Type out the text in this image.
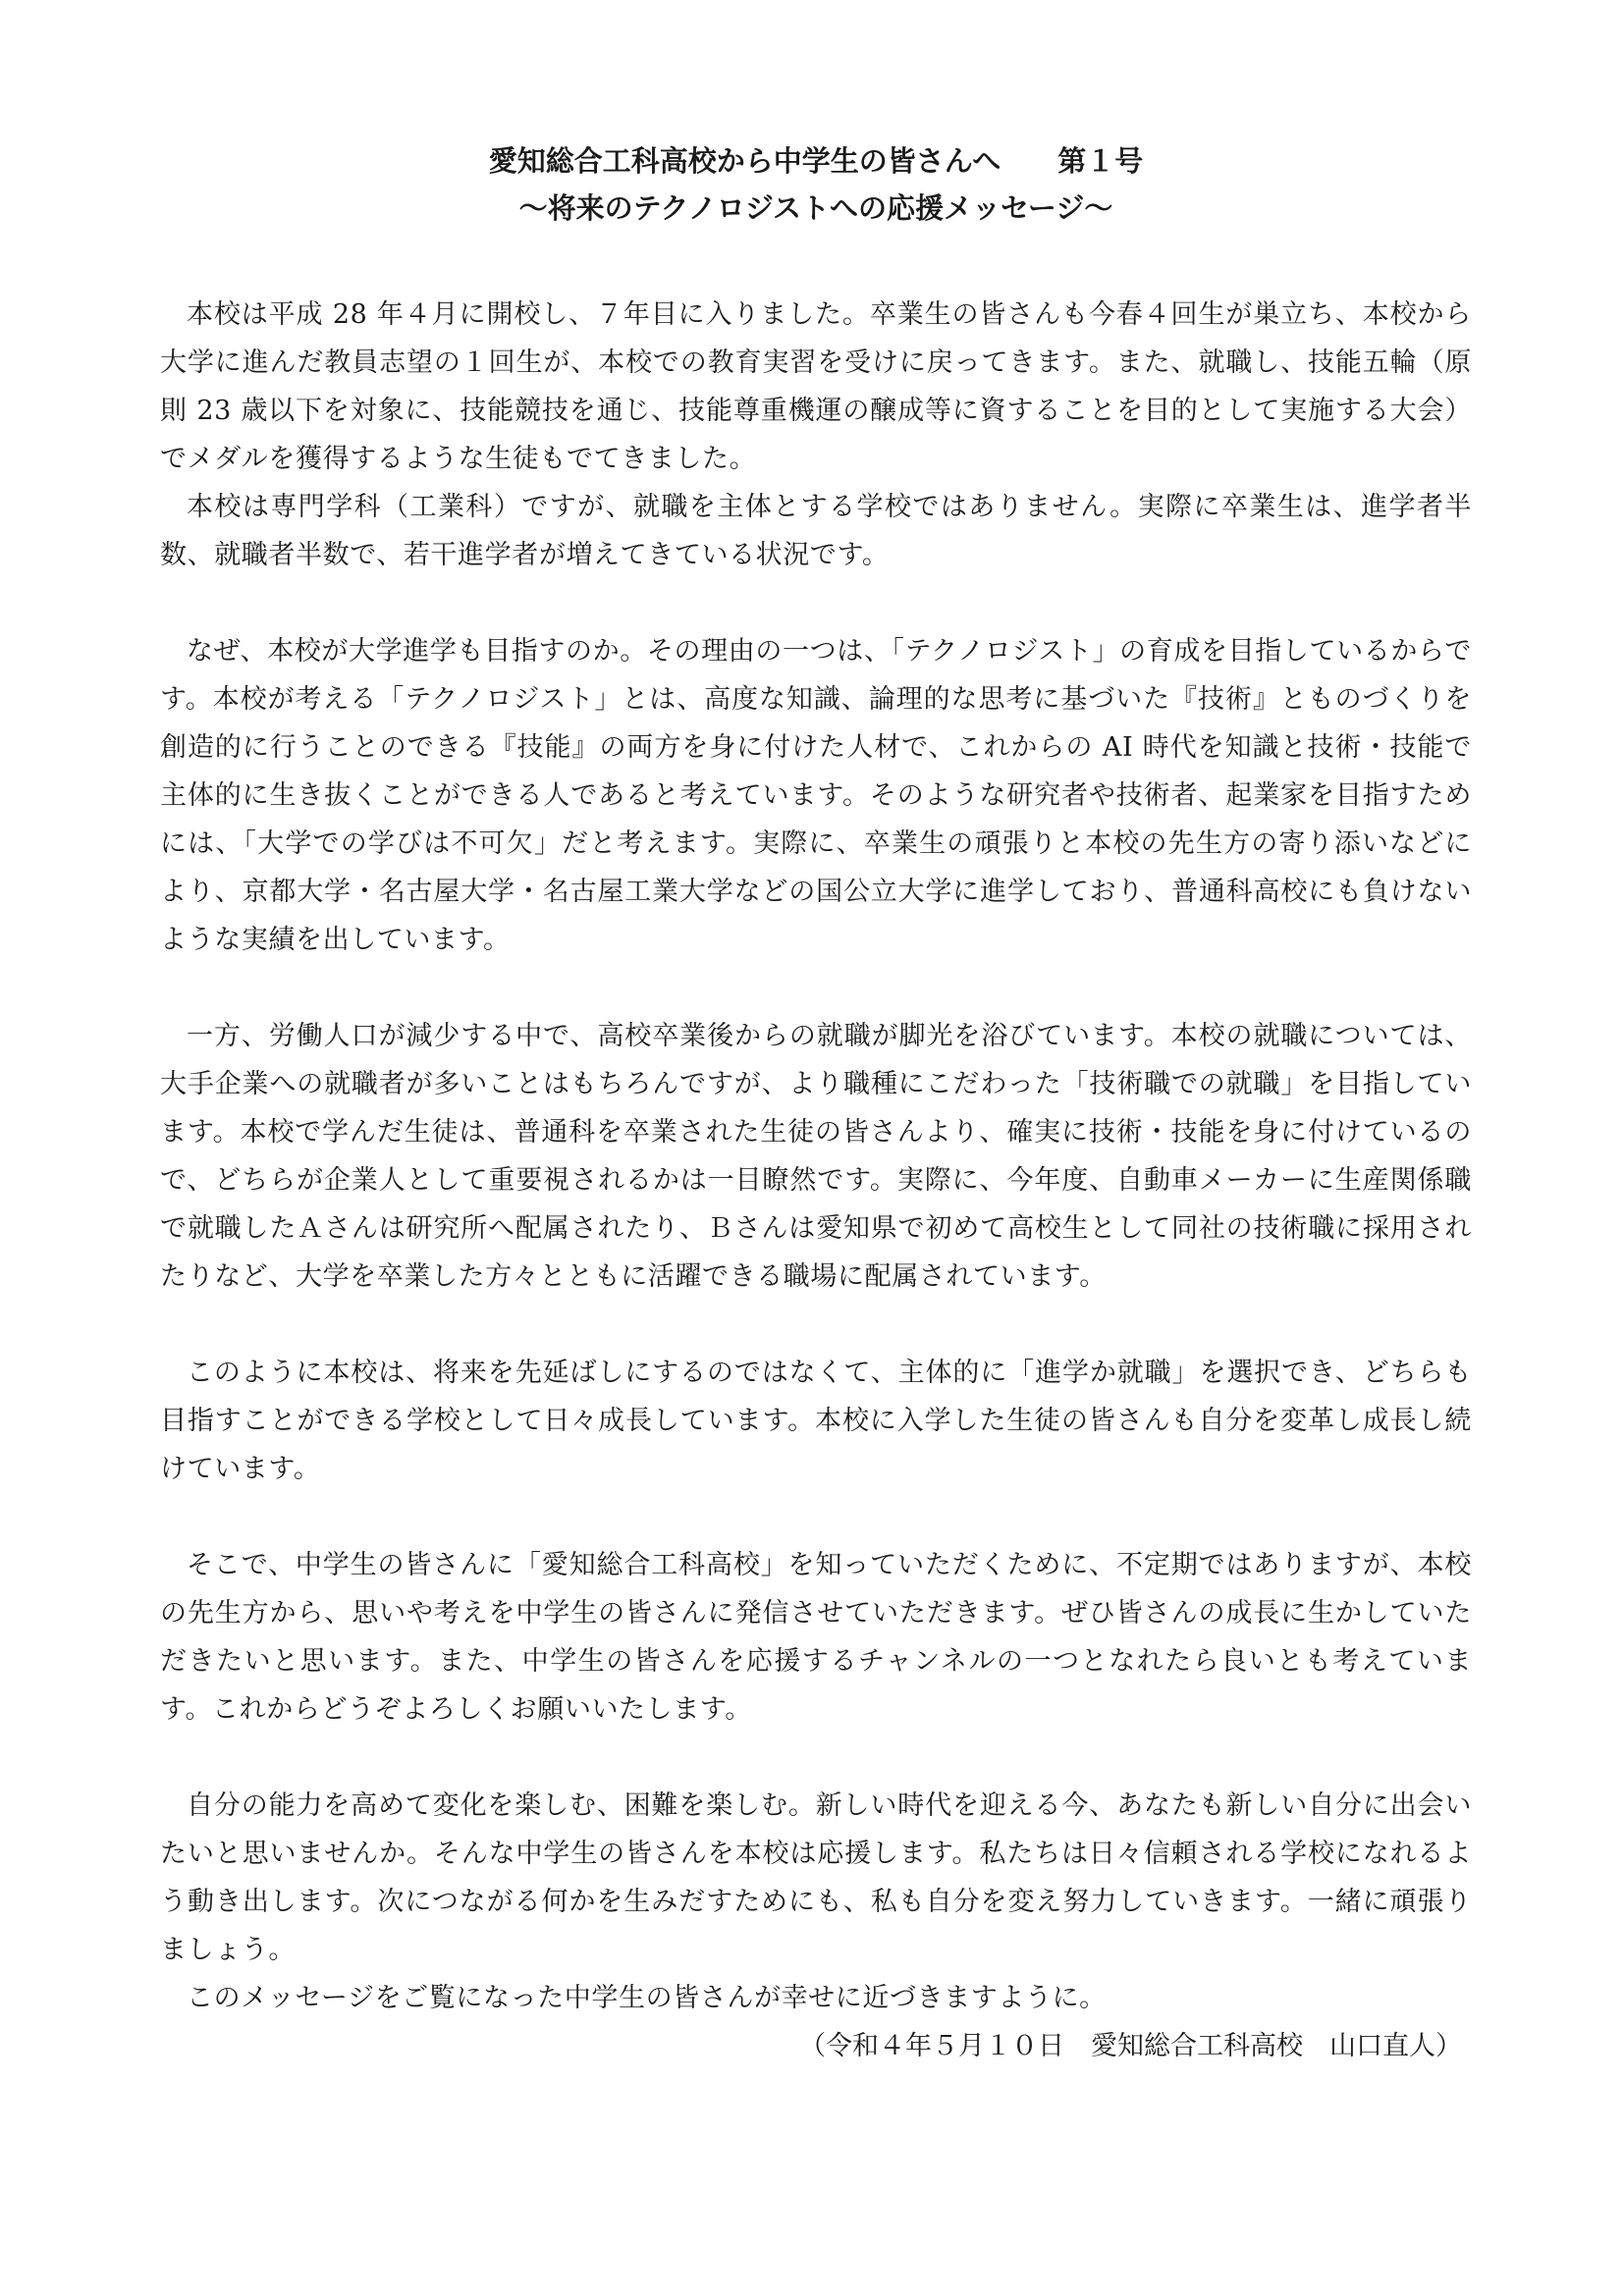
愛知総合工科高校から中学生の皆さんへ　　第１号
～将来のテクノロジストへの応援メッセージ～

本校は平成 28 年４月に開校し、７年目に入りました。卒業生の皆さんも今春４回生が巣立ち、本校から大学に進んだ教員志望の１回生が、本校での教育実習を受けに戻ってきます。また、就職し、技能五輪（原則 23 歳以下を対象に、技能競技を通じ、技能尊重機運の醸成等に資することを目的として実施する大会）でメダルを獲得するような生徒もでてきました。

本校は専門学科（工業科）ですが、就職を主体とする学校ではありません。実際に卒業生は、進学者半数、就職者半数で、若干進学者が増えてきている状況です。

なぜ、本校が大学進学も目指すのか。その理由の一つは、「テクノロジスト」の育成を目指しているからです。本校が考える「テクノロジスト」とは、高度な知識、論理的な思考に基づいた『技術』とものづくりを創造的に行うことのできる『技能』の両方を身に付けた人材で、これからの AI 時代を知識と技術・技能で主体的に生き抜くことができる人であると考えています。そのような研究者や技術者、起業家を目指すためには、「大学での学びは不可欠」だと考えます。実際に、卒業生の頑張りと本校の先生方の寄り添いなどにより、京都大学・名古屋大学・名古屋工業大学などの国公立大学に進学しており、普通科高校にも負けないような実績を出しています。

一方、労働人口が減少する中で、高校卒業後からの就職が脚光を浴びています。本校の就職については、大手企業への就職者が多いことはもちろんですが、より職種にこだわった「技術職での就職」を目指しています。本校で学んだ生徒は、普通科を卒業された生徒の皆さんより、確実に技術・技能を身に付けているので、どちらが企業人として重要視されるかは一目瞭然です。実際に、今年度、自動車メーカーに生産関係職で就職したＡさんは研究所へ配属されたり、Ｂさんは愛知県で初めて高校生として同社の技術職に採用されたりなど、大学を卒業した方々とともに活躍できる職場に配属されています。

このように本校は、将来を先延ばしにするのではなくて、主体的に「進学か就職」を選択でき、どちらも目指すことができる学校として日々成長しています。本校に入学した生徒の皆さんも自分を変革し成長し続けています。

そこで、中学生の皆さんに「愛知総合工科高校」を知っていただくために、不定期ではありますが、本校の先生方から、思いや考えを中学生の皆さんに発信させていただきます。ぜひ皆さんの成長に生かしていただきたいと思います。また、中学生の皆さんを応援するチャンネルの一つとなれたら良いとも考えています。これからどうぞよろしくお願いいたします。

自分の能力を高めて変化を楽しむ、困難を楽しむ。新しい時代を迎える今、あなたも新しい自分に出会いたいと思いませんか。そんな中学生の皆さんを本校は応援します。私たちは日々信頼される学校になれるよう動き出します。次につながる何かを生みだすためにも、私も自分を変え努力していきます。一緒に頑張りましょう。

このメッセージをご覧になった中学生の皆さんが幸せに近づきますように。

（令和４年５月１０日　愛知総合工科高校　山口直人）
